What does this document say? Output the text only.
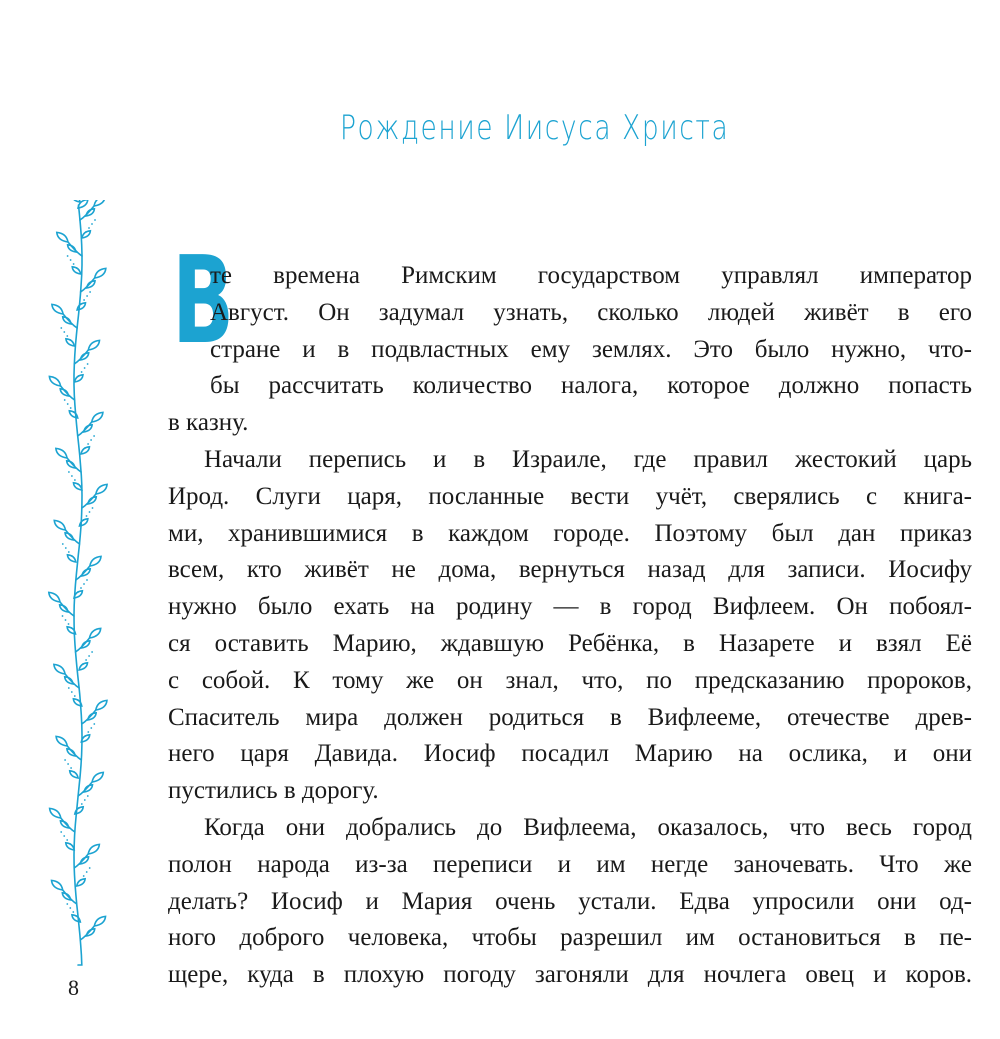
Рождение Иисуса Христа
В
те времена Римским государством управлял император
Август. Он задумал узнать, сколько людей живёт в его
стране и в подвластных ему землях. Это было нужно, что-
бы рассчитать количество налога, которое должно попасть
в казну.
Начали перепись и в Израиле, где правил жестокий царь
Ирод. Слуги царя, посланные вести учёт, сверялись с книга-
ми, хранившимися в каждом городе. Поэтому был дан приказ
всем, кто живёт не дома, вернуться назад для записи. Иосифу
нужно было ехать на родину — в город Вифлеем. Он побоял-
ся оставить Марию, ждавшую Ребёнка, в Назарете и взял Её
с собой. К тому же он знал, что, по предсказанию пророков,
Спаситель мира должен родиться в Вифлееме, отечестве древ-
него царя Давида. Иосиф посадил Марию на ослика, и они
пустились в дорогу.
Когда они добрались до Вифлеема, оказалось, что весь город
полон народа из-за переписи и им негде заночевать. Что же
делать? Иосиф и Мария очень устали. Едва упросили они од-
ного доброго человека, чтобы разрешил им остановиться в пе-
щере, куда в плохую погоду загоняли для ночлега овец и коров.
8
